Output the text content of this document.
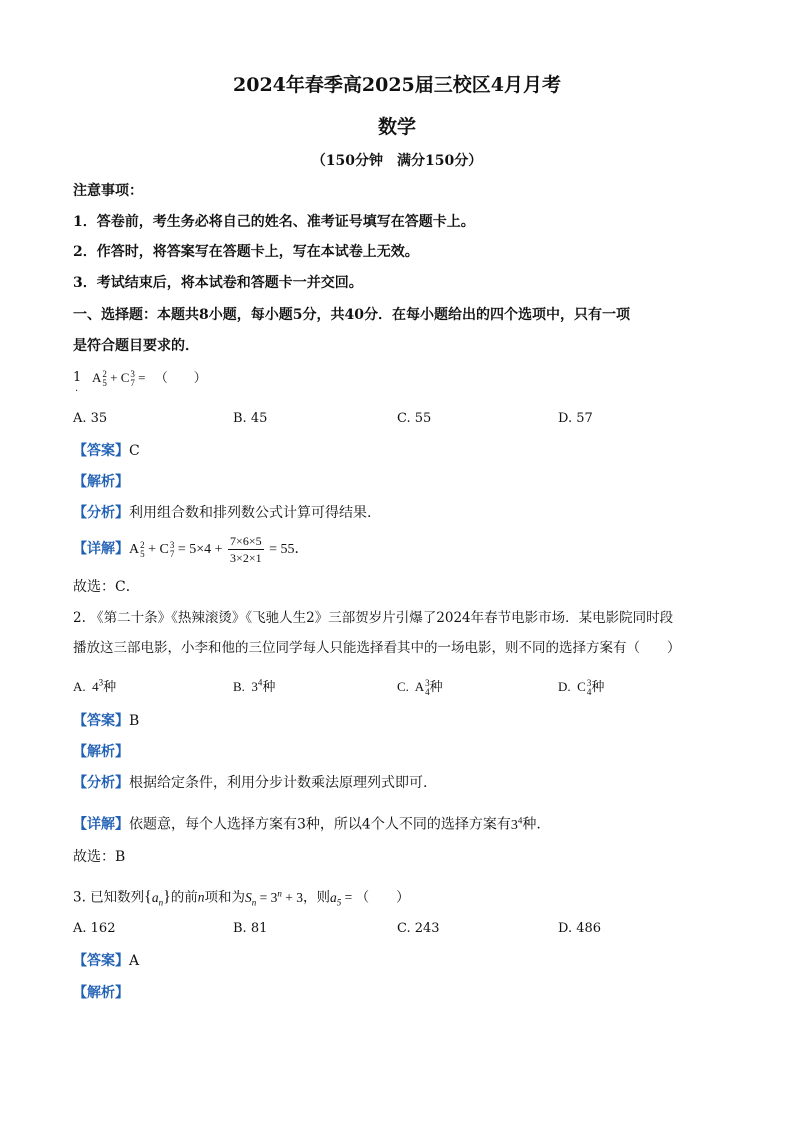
2024年春季高2025届三校区4月月考
数学
（150分钟　满分150分）
注意事项：
1．答卷前，考生务必将自己的姓名、准考证号填写在答题卡上。
2．作答时，将答案写在答题卡上，写在本试卷上无效。
3．考试结束后，将本试卷和答题卡一并交回。
一、选择题：本题共8小题，每小题5分，共40分．在每小题给出的四个选项中，只有一项
是符合题目要求的．
1
.
A 2
5 + C 3
7 = （　　）
A. 35	B. 45	C. 55	D. 57
【答案】C
【解析】
【分析】利用组合数和排列数公式计算可得结果.
【详解】A 2
5 + C 3
$7 = 5\times 4 + \frac{7\times 6\times 5}{3\times 2\times 1} = 55$．
故选：C．
2. 《第二十条》《热辣滚烫》《飞驰人生2》三部贺岁片引爆了2024年春节电影市场．某电影院同时段
播放这三部电影，小李和他的三位同学每人只能选择看其中的一场电影，则不同的选择方案有（　　）
A.  $4^3$种	B.  $3^4$种	C.  A 3
4 种	D.  C 3
4 种
【答案】B
【解析】
【分析】根据给定条件，利用分步计数乘法原理列式即可.
【详解】依题意，每个人选择方案有3种，所以4个人不同的选择方案有$3^4$种.
故选：B
3. 已知数列$\{a_n\}$的前n项和为$S_n = 3^n + 3$，则$a_5$ = （　　）
A. 162	B. 81	C. 243	D. 486
【答案】A
【解析】
